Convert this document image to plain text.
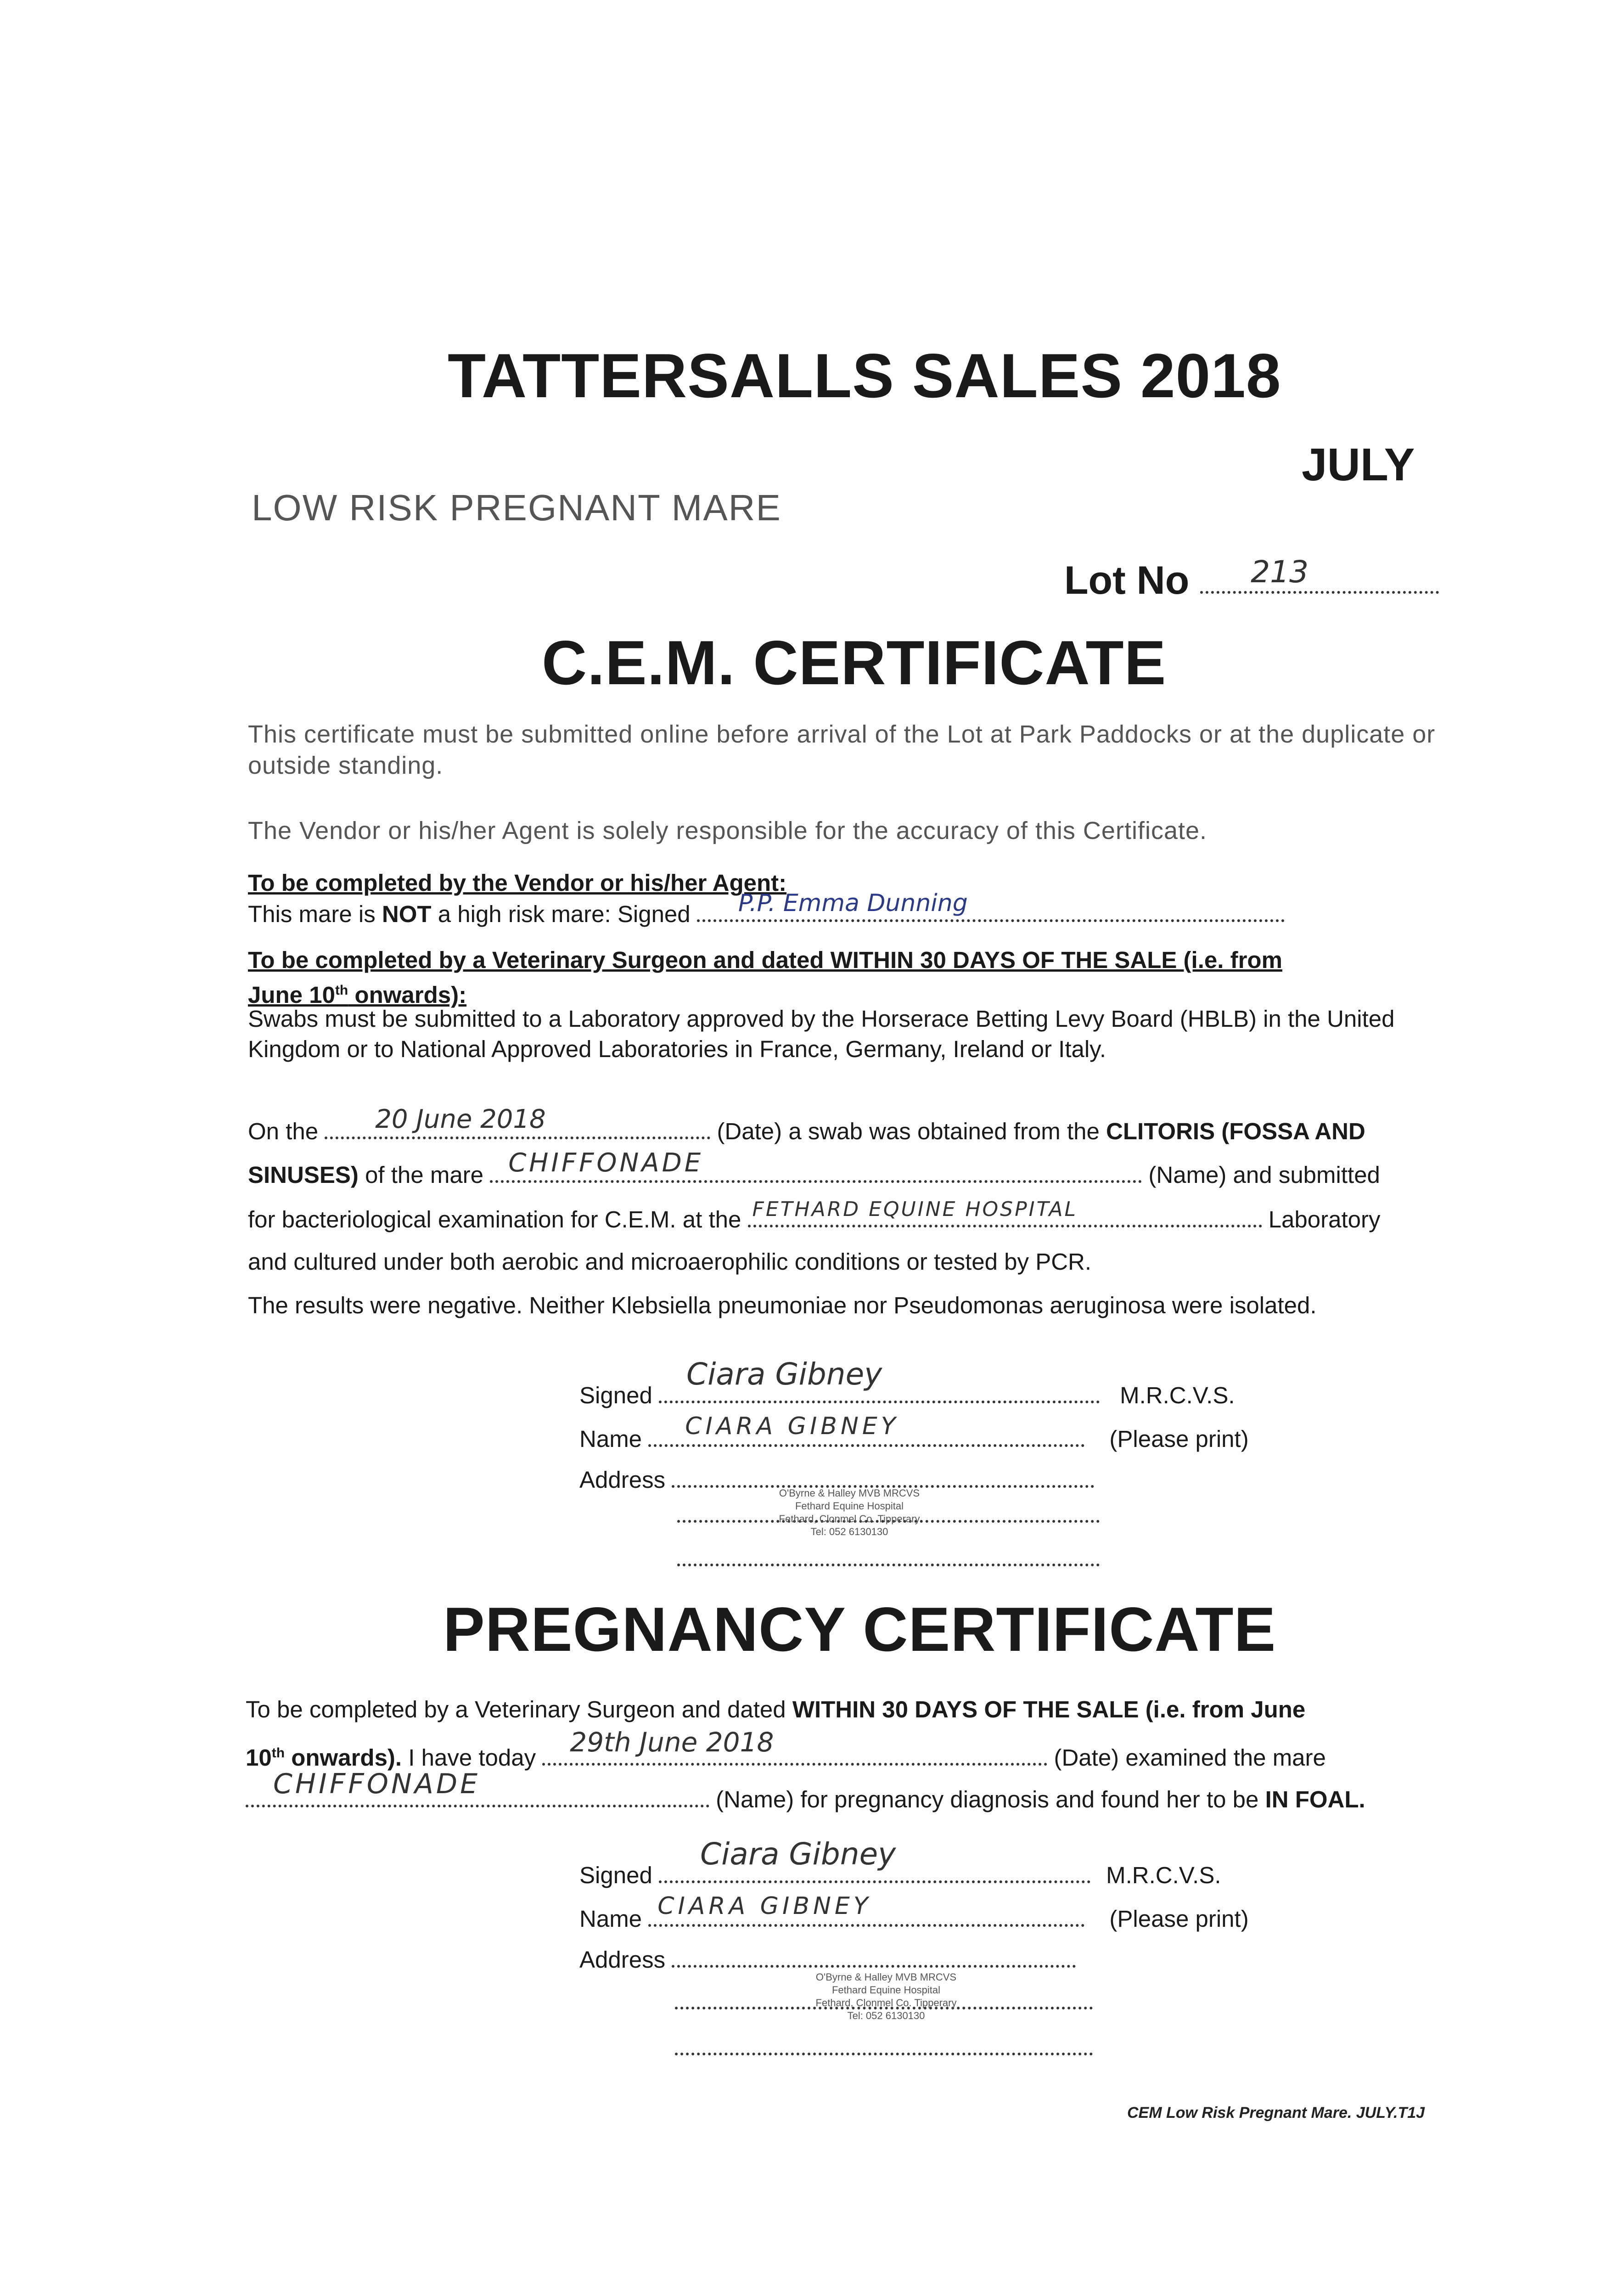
TATTERSALLS SALES 2018
JULY
LOW RISK PREGNANT MARE
Lot No 213
C.E.M. CERTIFICATE
This certificate must be submitted online before arrival of the Lot at Park Paddocks or at the duplicate or outside standing.
The Vendor or his/her Agent is solely responsible for the accuracy of this Certificate.
To be completed by the Vendor or his/her Agent:
This mare is NOT a high risk mare: Signed P.P. Emma Dunning
To be completed by a Veterinary Surgeon and dated WITHIN 30 DAYS OF THE SALE (i.e. from
June 10th onwards):
Swabs must be submitted to a Laboratory approved by the Horserace Betting Levy Board (HBLB) in the United Kingdom or to National Approved Laboratories in France, Germany, Ireland or Italy.
On the 20 June 2018	(Date) a swab was obtained from the CLITORIS (FOSSA AND
SINUSES) of the mare CHIFFONADE	(Name) and submitted
for bacteriological examination for C.E.M. at the FETHARD EQUINE HOSPITAL	Laboratory
and cultured under both aerobic and microaerophilic conditions or tested by PCR.
The results were negative. Neither Klebsiella pneumoniae nor Pseudomonas aeruginosa were isolated.
Signed
Ciara Gibney
M.R.C.V.S.
Name CIARA GIBNEY	(Please print)
Address
O'Byrne & Halley MVB MRCVS
Fethard Equine Hospital
Fethard, Clonmel Co. Tipperary
Tel: 052 6130130
PREGNANCY CERTIFICATE
To be completed by a Veterinary Surgeon and dated WITHIN 30 DAYS OF THE SALE (i.e. from June
10th onwards). I have today 29th June 2018	(Date) examined the mare
CHIFFONADE	(Name) for pregnancy diagnosis and found her to be IN FOAL.
Signed
Ciara Gibney
M.R.C.V.S.
Name CIARA GIBNEY	(Please print)
Address
O'Byrne & Halley MVB MRCVS
Fethard Equine Hospital
Fethard, Clonmel Co. Tipperary
Tel: 052 6130130
CEM Low Risk Pregnant Mare. JULY.T1J
